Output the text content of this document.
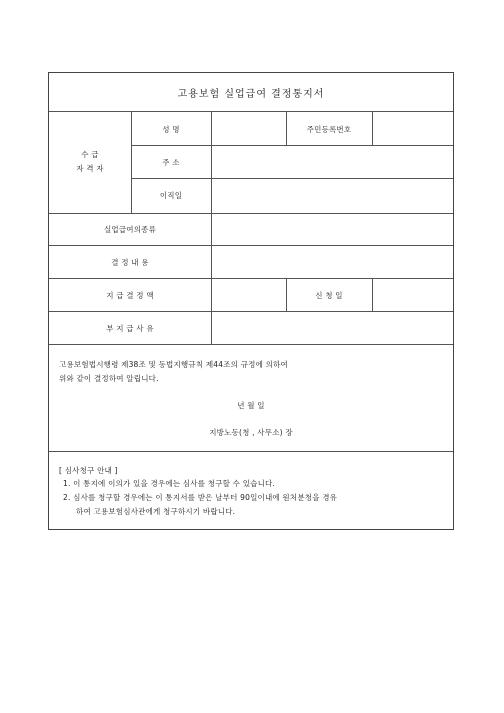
고용보험 실업급여 결정통지서
수 급
자 격 자
성 명	주민등록번호
주 소
이직일
실업급여의종류
결 정 내 용
지 급 결 정 액	신 청 일
부 지 급 사 유
고용보험법시행령 제38조 및 동법지행규칙 제44조의 규정에 의하여
위와 같이 결정하여 알립니다.
년 월 일
지방노동(청 , 사무소) 장
[ 심사청구 안내 ]
1. 이 통지에 이의가 있을 경우에는 심사를 청구할 수 있습니다.
2. 심사를 청구할 경우에는 이 통지서를 받은 날부터 90일이내에 원처분청을 경유
하여 고용보험심사관에게 청구하시기 바랍니다.
